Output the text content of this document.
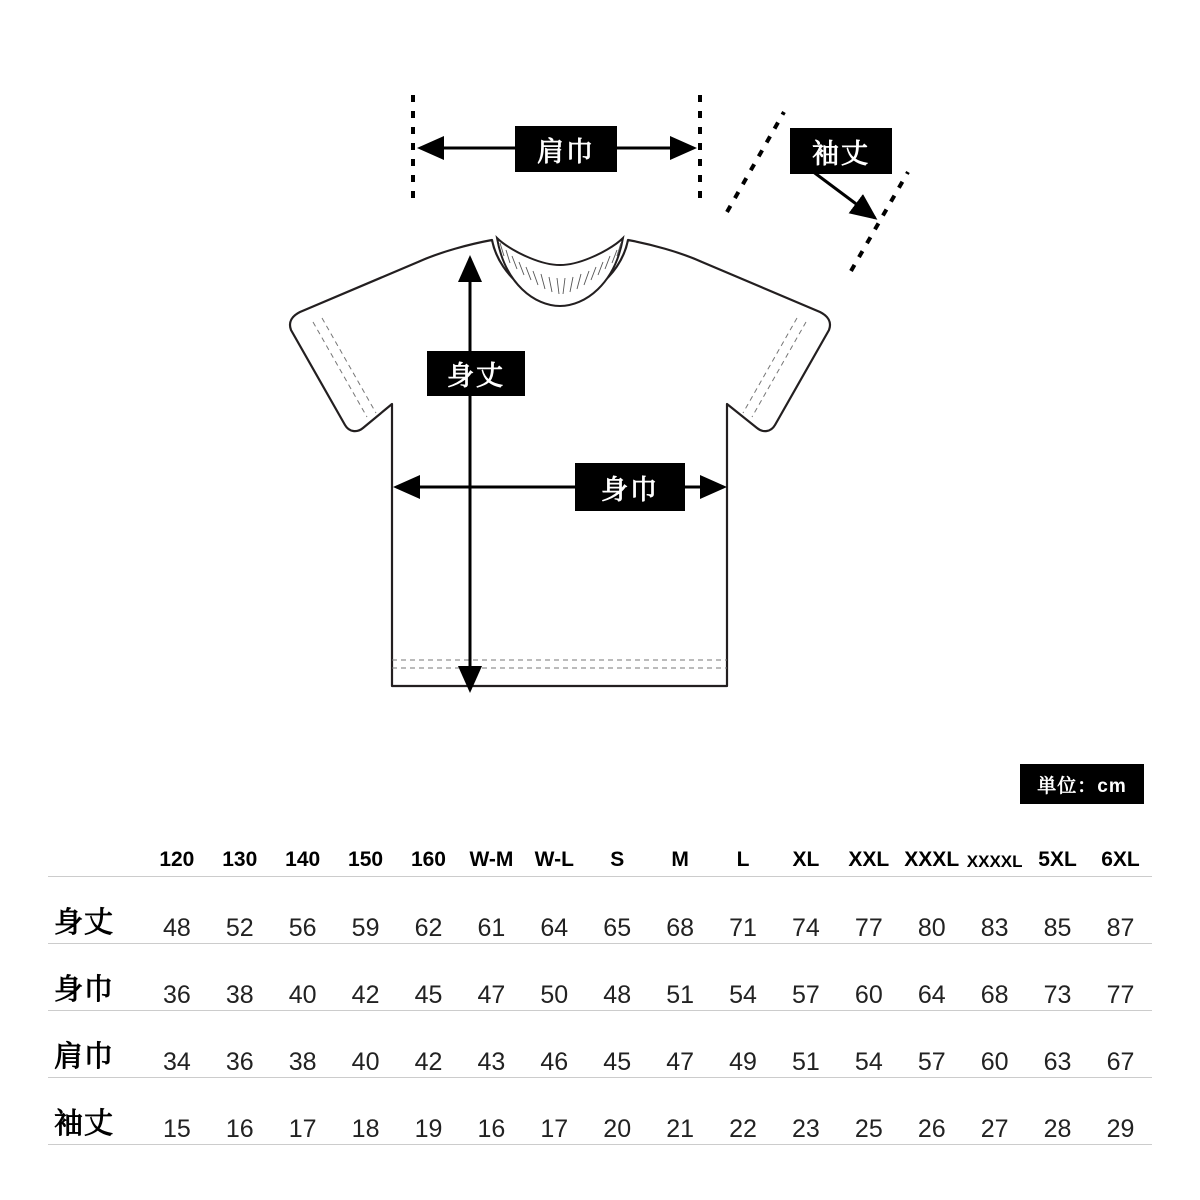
肩巾	袖丈
身丈
身巾
単位：cm
	120	130	140	150	160	W-M	W-L	S	M	L	XL	XXL	XXXL	XXXXL	5XL	6XL
身丈	48	52	56	59	62	61	64	65	68	71	74	77	80	83	85	87
身巾	36	38	40	42	45	47	50	48	51	54	57	60	64	68	73	77
肩巾	34	36	38	40	42	43	46	45	47	49	51	54	57	60	63	67
袖丈	15	16	17	18	19	16	17	20	21	22	23	25	26	27	28	29
